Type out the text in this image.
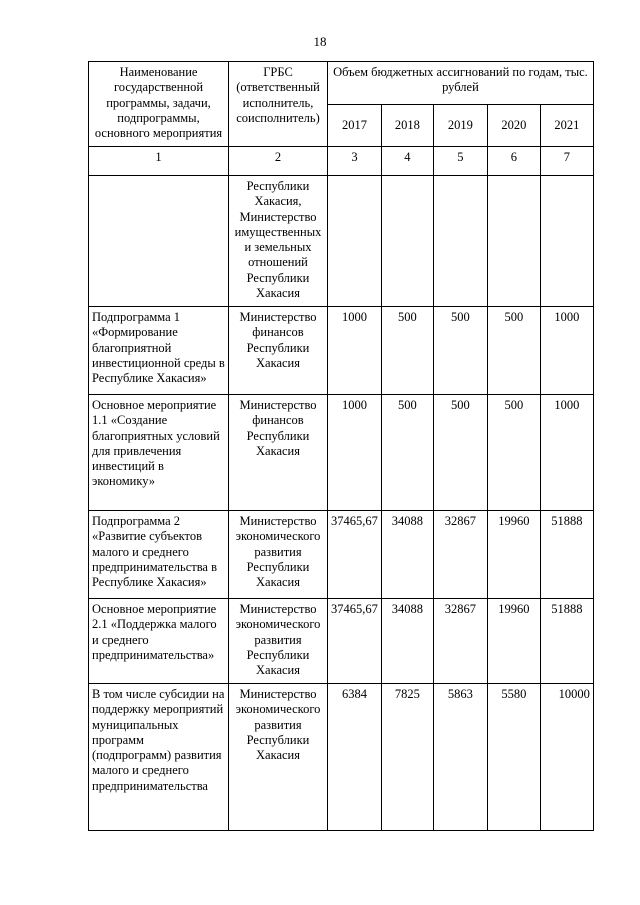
18
Наименование государственной программы, задачи, подпрограммы, основного мероприятия	ГРБС (ответственный исполнитель, соисполнитель)	Объем бюджетных ассигнований по годам, тыс. рублей				
		2017	2018	2019	2020	2021
1	2	3	4	5	6	7
	Республики Хакасия, Министерство имущественных и земельных отношений Республики Хакасия					
Подпрограмма 1 «Формирование благоприятной инвестиционной среды в Республике Хакасия»	Министерство финансов Республики Хакасия	1000	500	500	500	1000
Основное мероприятие 1.1 «Создание благоприятных условий для привлечения инвестиций в экономику»	Министерство финансов Республики Хакасия	1000	500	500	500	1000
Подпрограмма 2 «Развитие субъектов малого и среднего предпринимательства в Республике Хакасия»	Министерство экономического развития Республики Хакасия	37465,67	34088	32867	19960	51888
Основное мероприятие 2.1 «Поддержка малого и среднего предпринимательства»	Министерство экономического развития Республики Хакасия	37465,67	34088	32867	19960	51888
В том числе субсидии на поддержку мероприятий муниципальных программ (подпрограмм) развития малого и среднего предпринимательства	Министерство экономического развития Республики Хакасия	6384	7825	5863	5580	10000
